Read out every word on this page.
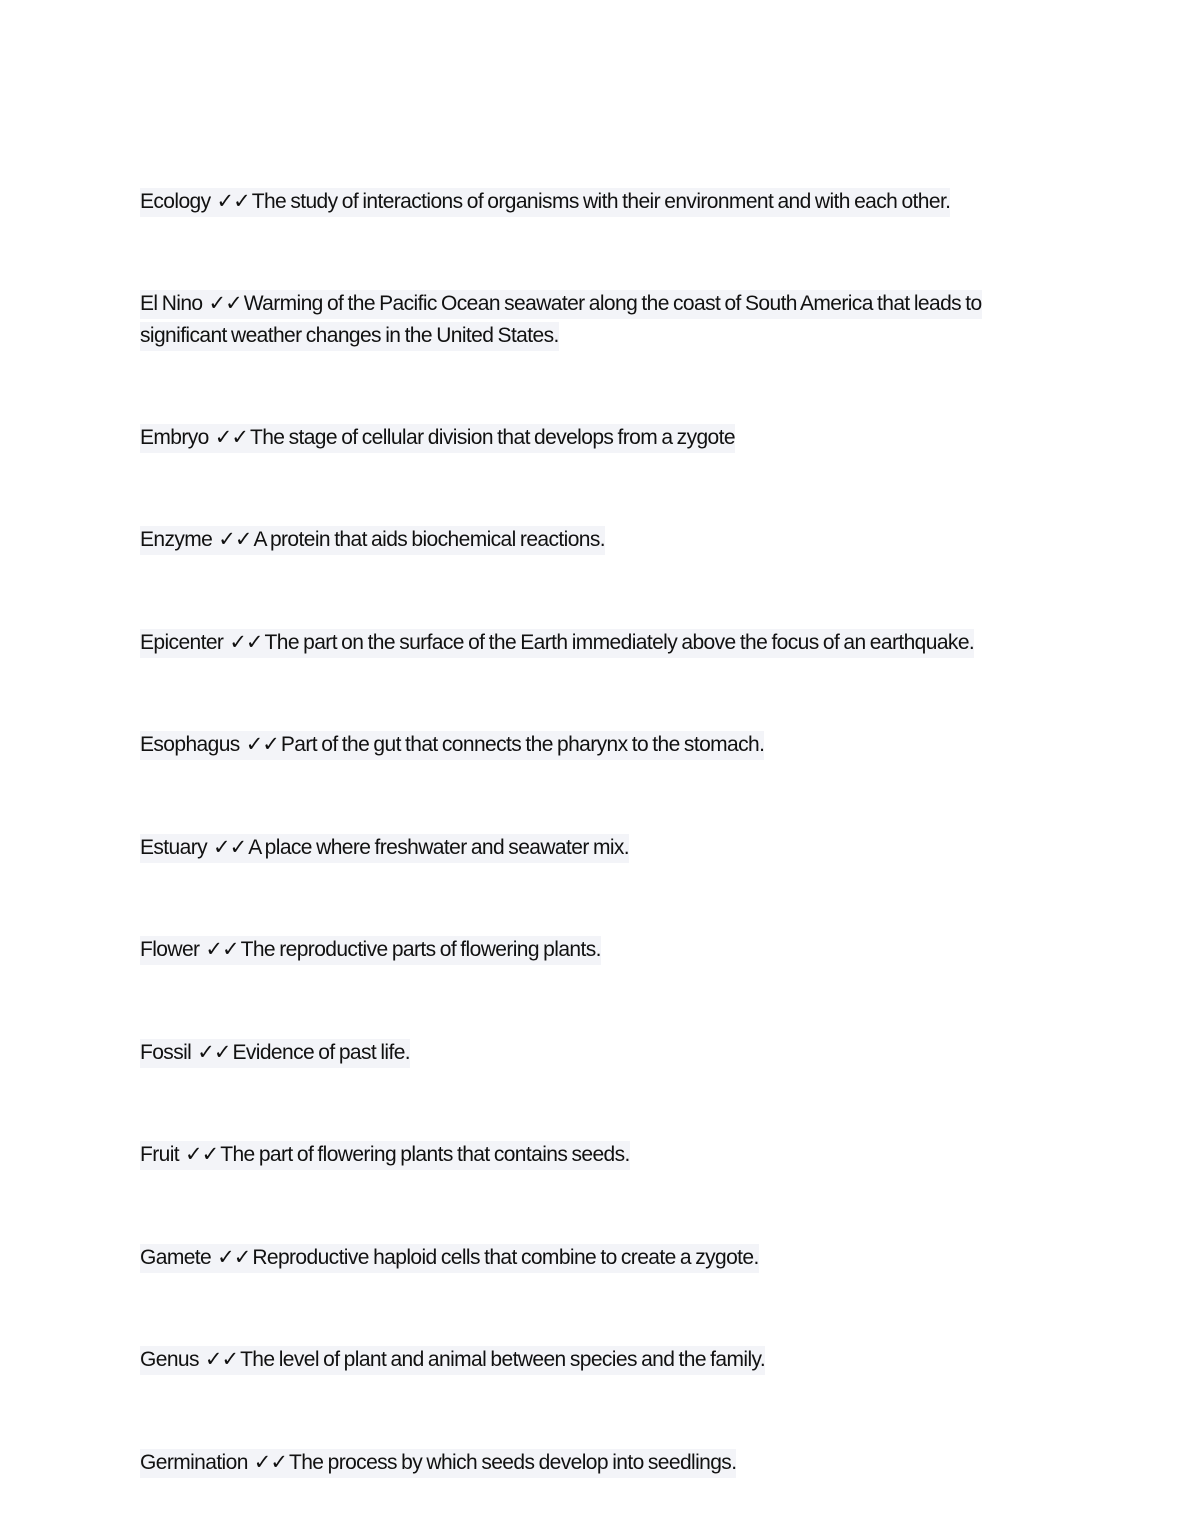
Ecology ✓✓The study of interactions of organisms with their environment and with each other.
El Nino ✓✓Warming of the Pacific Ocean seawater along the coast of South America that leads to significant weather changes in the United States.
Embryo ✓✓The stage of cellular division that develops from a zygote
Enzyme ✓✓A protein that aids biochemical reactions.
Epicenter ✓✓The part on the surface of the Earth immediately above the focus of an earthquake.
Esophagus ✓✓Part of the gut that connects the pharynx to the stomach.
Estuary ✓✓A place where freshwater and seawater mix.
Flower ✓✓The reproductive parts of flowering plants.
Fossil ✓✓Evidence of past life.
Fruit ✓✓The part of flowering plants that contains seeds.
Gamete ✓✓Reproductive haploid cells that combine to create a zygote.
Genus ✓✓The level of plant and animal between species and the family.
Germination ✓✓The process by which seeds develop into seedlings.
